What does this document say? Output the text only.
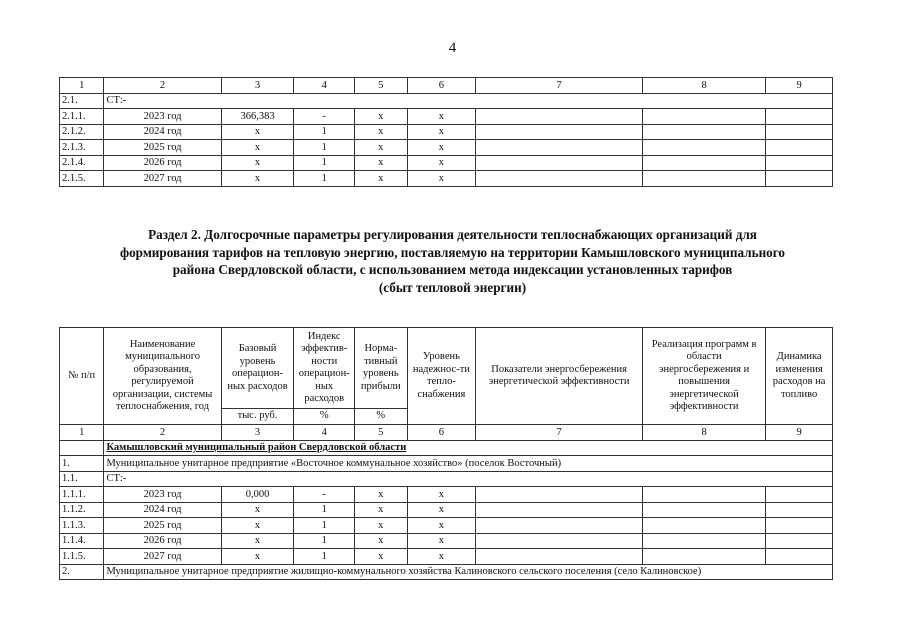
4
1	2	3	4	5	6	7	8	9
2.1.	СТ:-							
2.1.1.	2023 год	366,383	-	х	х			
2.1.2.	2024 год	х	1	х	х			
2.1.3.	2025 год	х	1	х	х			
2.1.4.	2026 год	х	1	х	х			
2.1.5.	2027 год	х	1	х	х			
Раздел 2. Долгосрочные параметры регулирования деятельности теплоснабжающих организаций для
формирования тарифов на тепловую энергию, поставляемую на территории Камышловского муниципального
района Свердловской области, с использованием метода индексации установленных тарифов
(сбыт тепловой энергии)
№ п/п	Наименование муниципального образования, регулируемой организации, системы теплоснабжения, год	Базовый уровень операцион-ных расходов	Индекс эффектив-ности операцион-ных расходов	Норма-тивный уровень прибыли	Уровень надежнос-ти тепло-снабжения	Показатели энергосбережения энергетической эффективности	Реализация программ в области энергосбережения и повышения энергетической эффективности	Динамика изменения расходов на топливо
		тыс. руб.	%	%				
1	2	3	4	5	6	7	8	9
	Камышловский муниципальный район Свердловской области							
1.	Муниципальное унитарное предприятие «Восточное коммунальное хозяйство» (поселок Восточный)							
1.1.	СТ:-							
1.1.1.	2023 год	0,000	-	х	х			
1.1.2.	2024 год	х	1	х	х			
1.1.3.	2025 год	х	1	х	х			
1.1.4.	2026 год	х	1	х	х			
1.1.5.	2027 год	х	1	х	х			
2.	Муниципальное унитарное предприятие жилищно-коммунального хозяйства Калиновского сельского поселения (село Калиновское)							
